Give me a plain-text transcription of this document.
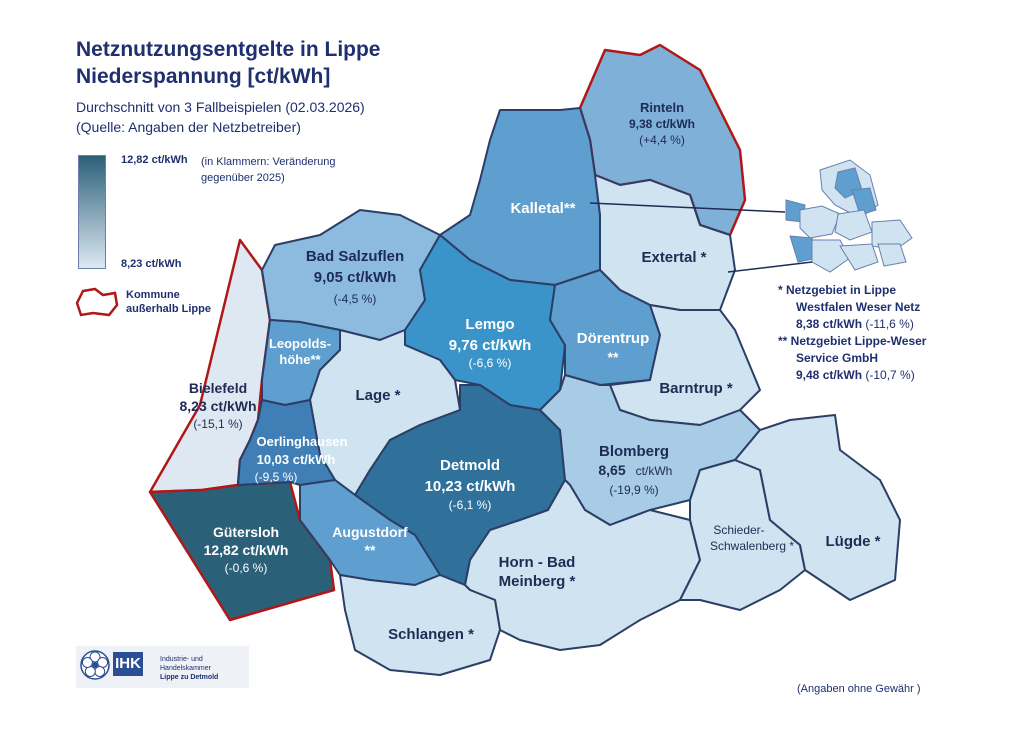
Rinteln
9,38 ct/kWh
(+4,4 %)
Kalletal**
Extertal *
Bad Salzuflen
9,05 ct/kWh
(-4,5 %)
Lemgo
9,76 ct/kWh
(-6,6 %)
Dörentrup
**
Leopolds-
höhe**
Lage *	Barntrup *
Bielefeld
8,23 ct/kWh
(-15,1 %)
Oerlinghausen
10,03 ct/kWh
(-9,5 %)
Detmold
10,23 ct/kWh
(-6,1 %)
Blomberg
8,65 ct/kWh
(-19,9 %)
Gütersloh
12,82 ct/kWh
(-0,6 %)
Augustdorf
**
Horn - Bad
Meinberg *
Schieder-
Schwalenberg * Lügde *
Schlangen *
Netznutzungsentgelte in Lippe
Niederspannung [ct/kWh]
Durchschnitt von 3 Fallbeispielen (02.03.2026)
(Quelle: Angaben der Netzbetreiber)
12,82 ct/kWh (in Klammern: Veränderung gegenüber 2025)
8,23 ct/kWh
Kommune außerhalb Lippe
* Netzgebiet in Lippe
Westfalen Weser Netz
8,38 ct/kWh (-11,6 %)
** Netzgebiet Lippe-Weser
Service GmbH
9,48 ct/kWh (-10,7 %)
IHK	Industrie- und Handelskammer
Lippe zu Detmold
(Angaben ohne Gewähr )
